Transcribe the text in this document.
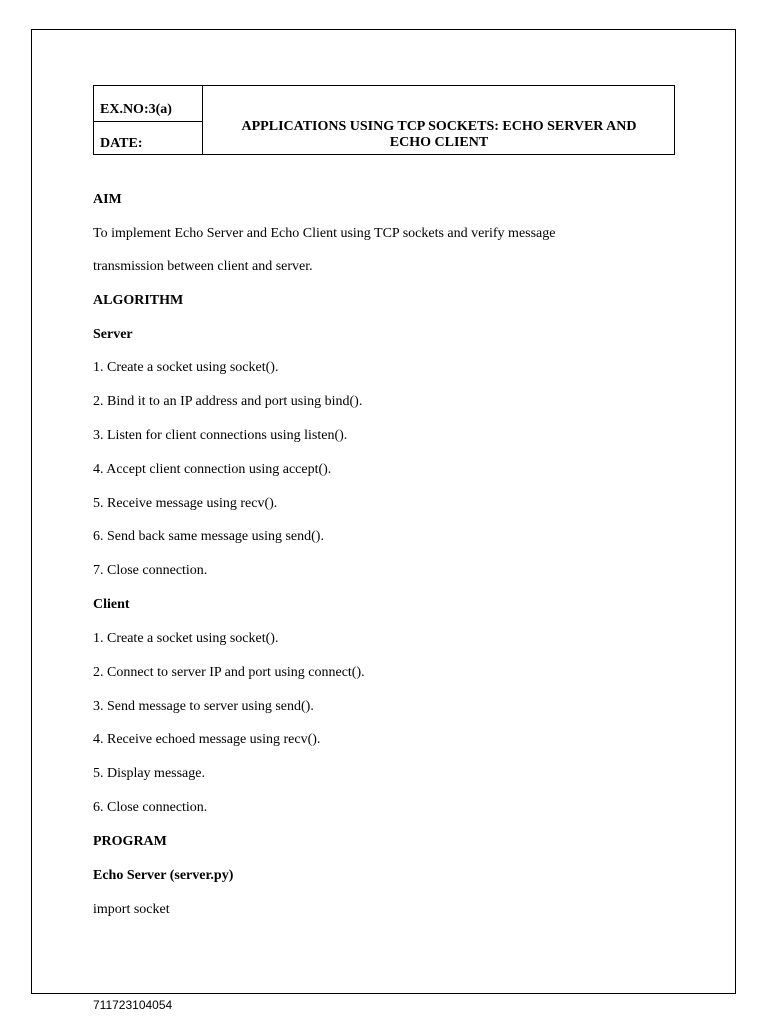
EX.NO:3(a)
DATE:
APPLICATIONS USING TCP SOCKETS: ECHO SERVER AND
ECHO CLIENT
AIM
To implement Echo Server and Echo Client using TCP sockets and verify message
transmission between client and server.
ALGORITHM
Server
1. Create a socket using socket().
2. Bind it to an IP address and port using bind().
3. Listen for client connections using listen().
4. Accept client connection using accept().
5. Receive message using recv().
6. Send back same message using send().
7. Close connection.
Client
1. Create a socket using socket().
2. Connect to server IP and port using connect().
3. Send message to server using send().
4. Receive echoed message using recv().
5. Display message.
6. Close connection.
PROGRAM
Echo Server (server.py)
import socket
711723104054
